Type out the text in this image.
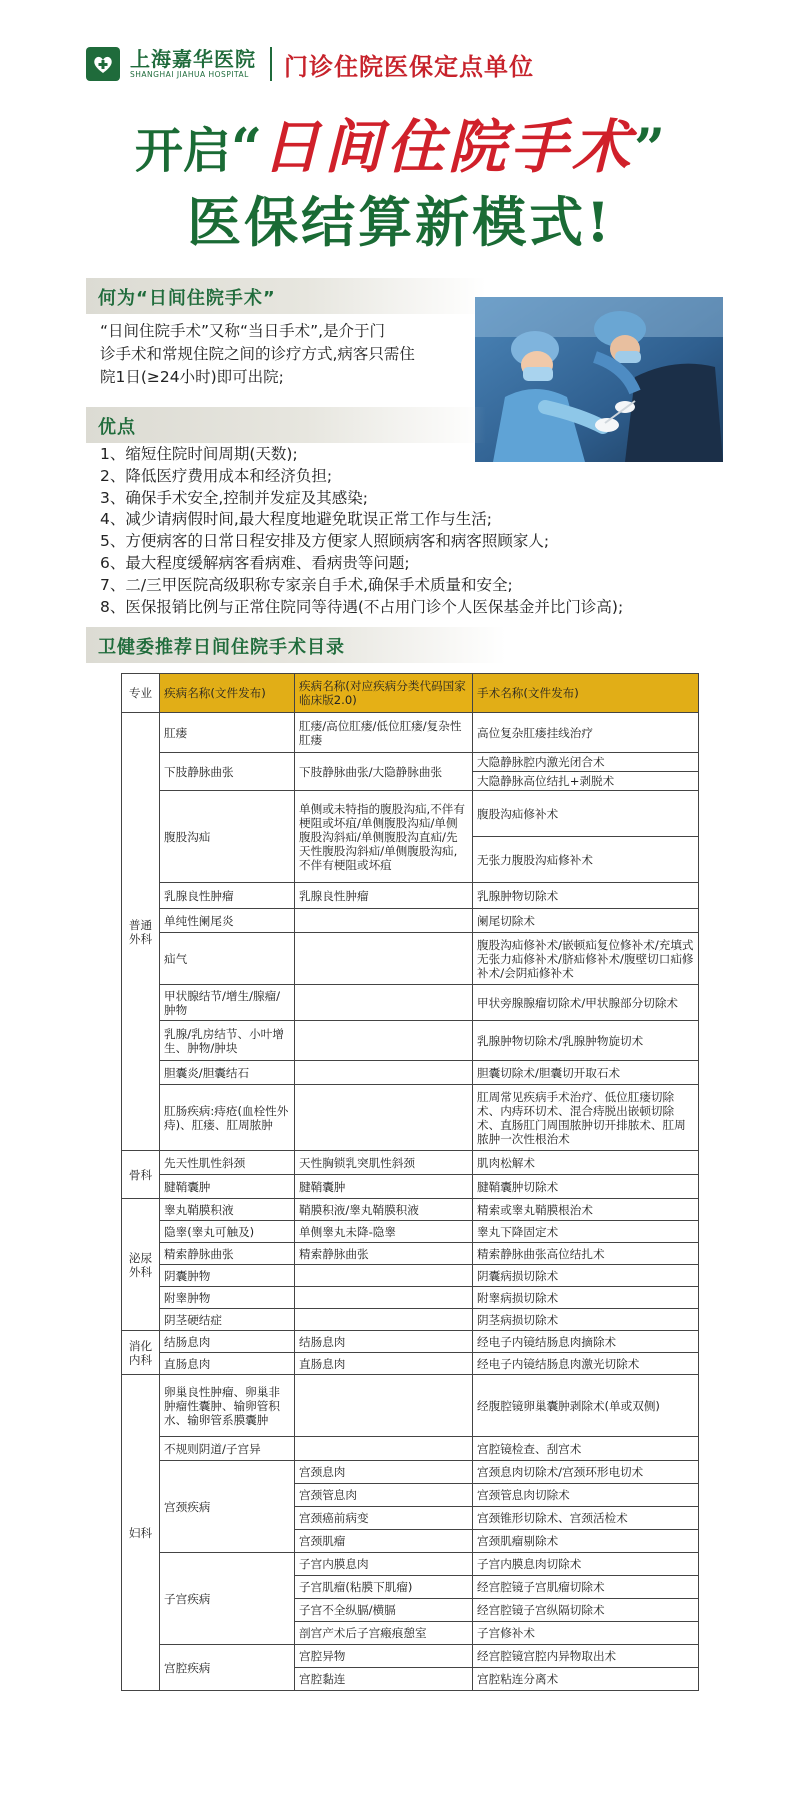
上海嘉华医院
SHANGHAI JIAHUA HOSPITAL 门诊住院医保定点单位
开启“日间住院手术”
医保结算新模式!
何为“日间住院手术”
“日间住院手术”又称“当日手术”,是介于门
诊手术和常规住院之间的诊疗方式,病客只需住
院1日(≥24小时)即可出院;
优点
1、缩短住院时间周期(天数);
2、降低医疗费用成本和经济负担;
3、确保手术安全,控制并发症及其感染;
4、减少请病假时间,最大程度地避免耽误正常工作与生活;
5、方便病客的日常日程安排及方便家人照顾病客和病客照顾家人;
6、最大程度缓解病客看病难、看病贵等问题;
7、二/三甲医院高级职称专家亲自手术,确保手术质量和安全;
8、医保报销比例与正常住院同等待遇(不占用门诊个人医保基金并比门诊高);
卫健委推荐日间住院手术目录
专业	疾病名称(文件发布)	疾病名称(对应疾病分类代码国家临床版2.0)	手术名称(文件发布)
普通外科	肛瘘	肛瘘/高位肛瘘/低位肛瘘/复杂性肛瘘	高位复杂肛瘘挂线治疗
	下肢静脉曲张	下肢静脉曲张/大隐静脉曲张	大隐静脉腔内激光闭合术
			大隐静脉高位结扎+剥脱术
	腹股沟疝	单侧或未特指的腹股沟疝,不伴有梗阻或坏疽/单侧腹股沟疝/单侧腹股沟斜疝/单侧腹股沟直疝/先天性腹股沟斜疝/单侧腹股沟疝,不伴有梗阻或坏疽	腹股沟疝修补术
			无张力腹股沟疝修补术
	乳腺良性肿瘤	乳腺良性肿瘤	乳腺肿物切除术
	单纯性阑尾炎		阑尾切除术
	疝气		腹股沟疝修补术/嵌顿疝复位修补术/充填式无张力疝修补术/脐疝修补术/腹壁切口疝修补术/会阴疝修补术
	甲状腺结节/增生/腺瘤/肿物		甲状旁腺腺瘤切除术/甲状腺部分切除术
	乳腺/乳房结节、小叶增生、肿物/肿块		乳腺肿物切除术/乳腺肿物旋切术
	胆囊炎/胆囊结石		胆囊切除术/胆囊切开取石术
	肛肠疾病:痔疮(血栓性外痔)、肛瘘、肛周脓肿		肛周常见疾病手术治疗、低位肛瘘切除术、内痔环切术、混合痔脱出嵌顿切除术、直肠肛门周围脓肿切开排脓术、肛周脓肿一次性根治术

骨科	先天性肌性斜颈	天性胸锁乳突肌性斜颈	肌肉松解术
	腱鞘囊肿	腱鞘囊肿	腱鞘囊肿切除术
泌尿外科	睾丸鞘膜积液	鞘膜积液/睾丸鞘膜积液	精索或睾丸鞘膜根治术
	隐睾(睾丸可触及)	单侧睾丸未降-隐睾	睾丸下降固定术
	精索静脉曲张	精索静脉曲张	精索静脉曲张高位结扎术
	阴囊肿物		阴囊病损切除术
	附睾肿物		附睾病损切除术
	阴茎硬结症		阴茎病损切除术
消化内科	结肠息肉	结肠息肉	经电子内镜结肠息肉摘除术
	直肠息肉	直肠息肉	经电子内镜结肠息肉激光切除术
妇科	卵巢良性肿瘤、卵巢非肿瘤性囊肿、输卵管积水、输卵管系膜囊肿		经腹腔镜卵巢囊肿剥除术(单或双侧)
	不规则阴道/子宫异		宫腔镜检查、刮宫术
	宫颈疾病	宫颈息肉	宫颈息肉切除术/宫颈环形电切术
		宫颈管息肉	宫颈管息肉切除术
		宫颈癌前病变	宫颈锥形切除术、宫颈活检术
		宫颈肌瘤	宫颈肌瘤剔除术
	子宫疾病	子宫内膜息肉	子宫内膜息肉切除术
		子宫肌瘤(粘膜下肌瘤)	经宫腔镜子宫肌瘤切除术
		子宫不全纵膈/横膈	经宫腔镜子宫纵隔切除术
		剖宫产术后子宫瘢痕憩室	子宫修补术
	宫腔疾病	宫腔异物	经宫腔镜宫腔内异物取出术
		宫腔黏连	宫腔粘连分离术
